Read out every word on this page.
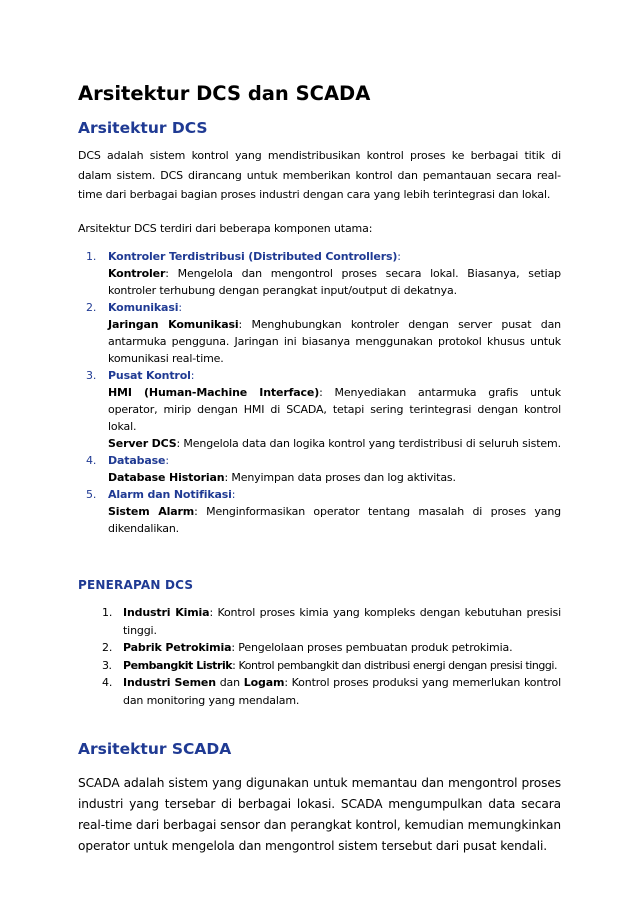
Arsitektur DCS dan SCADA
Arsitektur DCS

DCS adalah sistem kontrol yang mendistribusikan kontrol proses ke berbagai titik di dalam sistem. DCS dirancang untuk memberikan kontrol dan pemantauan secara real-time dari berbagai bagian proses industri dengan cara yang lebih terintegrasi dan lokal.

Arsitektur DCS terdiri dari beberapa komponen utama:

1. Kontroler Terdistribusi (Distributed Controllers):
Kontroler: Mengelola dan mengontrol proses secara lokal. Biasanya, setiap kontroler terhubung dengan perangkat input/output di dekatnya.
2. Komunikasi:
Jaringan Komunikasi: Menghubungkan kontroler dengan server pusat dan antarmuka pengguna. Jaringan ini biasanya menggunakan protokol khusus untuk komunikasi real-time.
3. Pusat Kontrol:
HMI (Human-Machine Interface): Menyediakan antarmuka grafis untuk operator, mirip dengan HMI di SCADA, tetapi sering terintegrasi dengan kontrol lokal.
Server DCS: Mengelola data dan logika kontrol yang terdistribusi di seluruh sistem.
4. Database:
Database Historian: Menyimpan data proses dan log aktivitas.
5. Alarm dan Notifikasi:
Sistem Alarm: Menginformasikan operator tentang masalah di proses yang dikendalikan.
PENERAPAN DCS
1. Industri Kimia: Kontrol proses kimia yang kompleks dengan kebutuhan presisi tinggi.
2. Pabrik Petrokimia: Pengelolaan proses pembuatan produk petrokimia.
3. Pembangkit Listrik: Kontrol pembangkit dan distribusi energi dengan presisi tinggi.
4. Industri Semen dan Logam: Kontrol proses produksi yang memerlukan kontrol dan monitoring yang mendalam.
Arsitektur SCADA

SCADA adalah sistem yang digunakan untuk memantau dan mengontrol proses industri yang tersebar di berbagai lokasi. SCADA mengumpulkan data secara real-time dari berbagai sensor dan perangkat kontrol, kemudian memungkinkan operator untuk mengelola dan mengontrol sistem tersebut dari pusat kendali.
